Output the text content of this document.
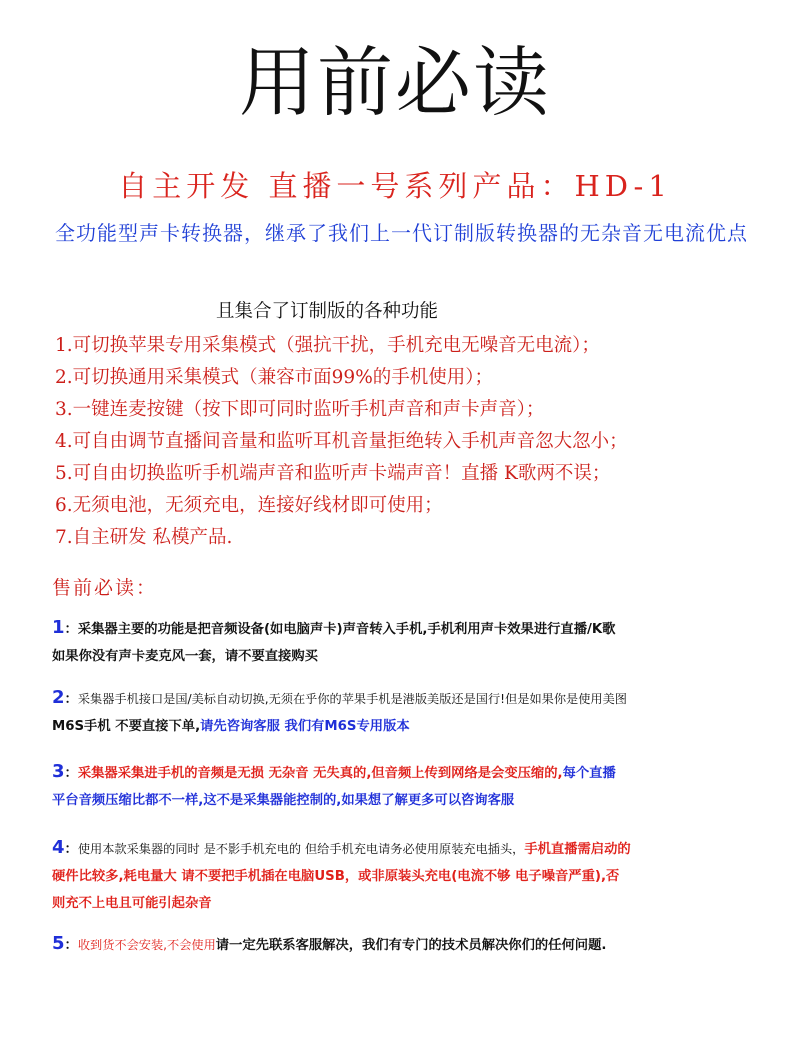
用前必读
自主开发 直播一号系列产品：HD-1
全功能型声卡转换器，继承了我们上一代订制版转换器的无杂音无电流优点
且集合了订制版的各种功能
1.可切换苹果专用采集模式（强抗干扰，手机充电无噪音无电流）；
2.可切换通用采集模式（兼容市面99%的手机使用）；
3.一键连麦按键（按下即可同时监听手机声音和声卡声音）；
4.可自由调节直播间音量和监听耳机音量拒绝转入手机声音忽大忽小；
5.可自由切换监听手机端声音和监听声卡端声音！直播 K歌两不误；
6.无须电池，无须充电，连接好线材即可使用；
7.自主研发 私模产品.
售前必读：
1：采集器主要的功能是把音频设备(如电脑声卡)声音转入手机,手机利用声卡效果进行直播/K歌
如果你没有声卡麦克风一套，请不要直接购买
2：采集器手机接口是国/美标自动切换,无须在乎你的苹果手机是港版美版还是国行!但是如果你是使用美图
M6S手机 不要直接下单,请先咨询客服 我们有M6S专用版本
3：采集器采集进手机的音频是无损 无杂音 无失真的,但音频上传到网络是会变压缩的,每个直播
平台音频压缩比都不一样,这不是采集器能控制的,如果想了解更多可以咨询客服
4：使用本款采集器的同时 是不影手机充电的 但给手机充电请务必使用原装充电插头，手机直播需启动的
硬件比较多,耗电量大 请不要把手机插在电脑USB，或非原装头充电(电流不够 电子噪音严重),否
则充不上电且可能引起杂音
5：收到货不会安装,不会使用请一定先联系客服解决，我们有专门的技术员解决你们的任何问题.
